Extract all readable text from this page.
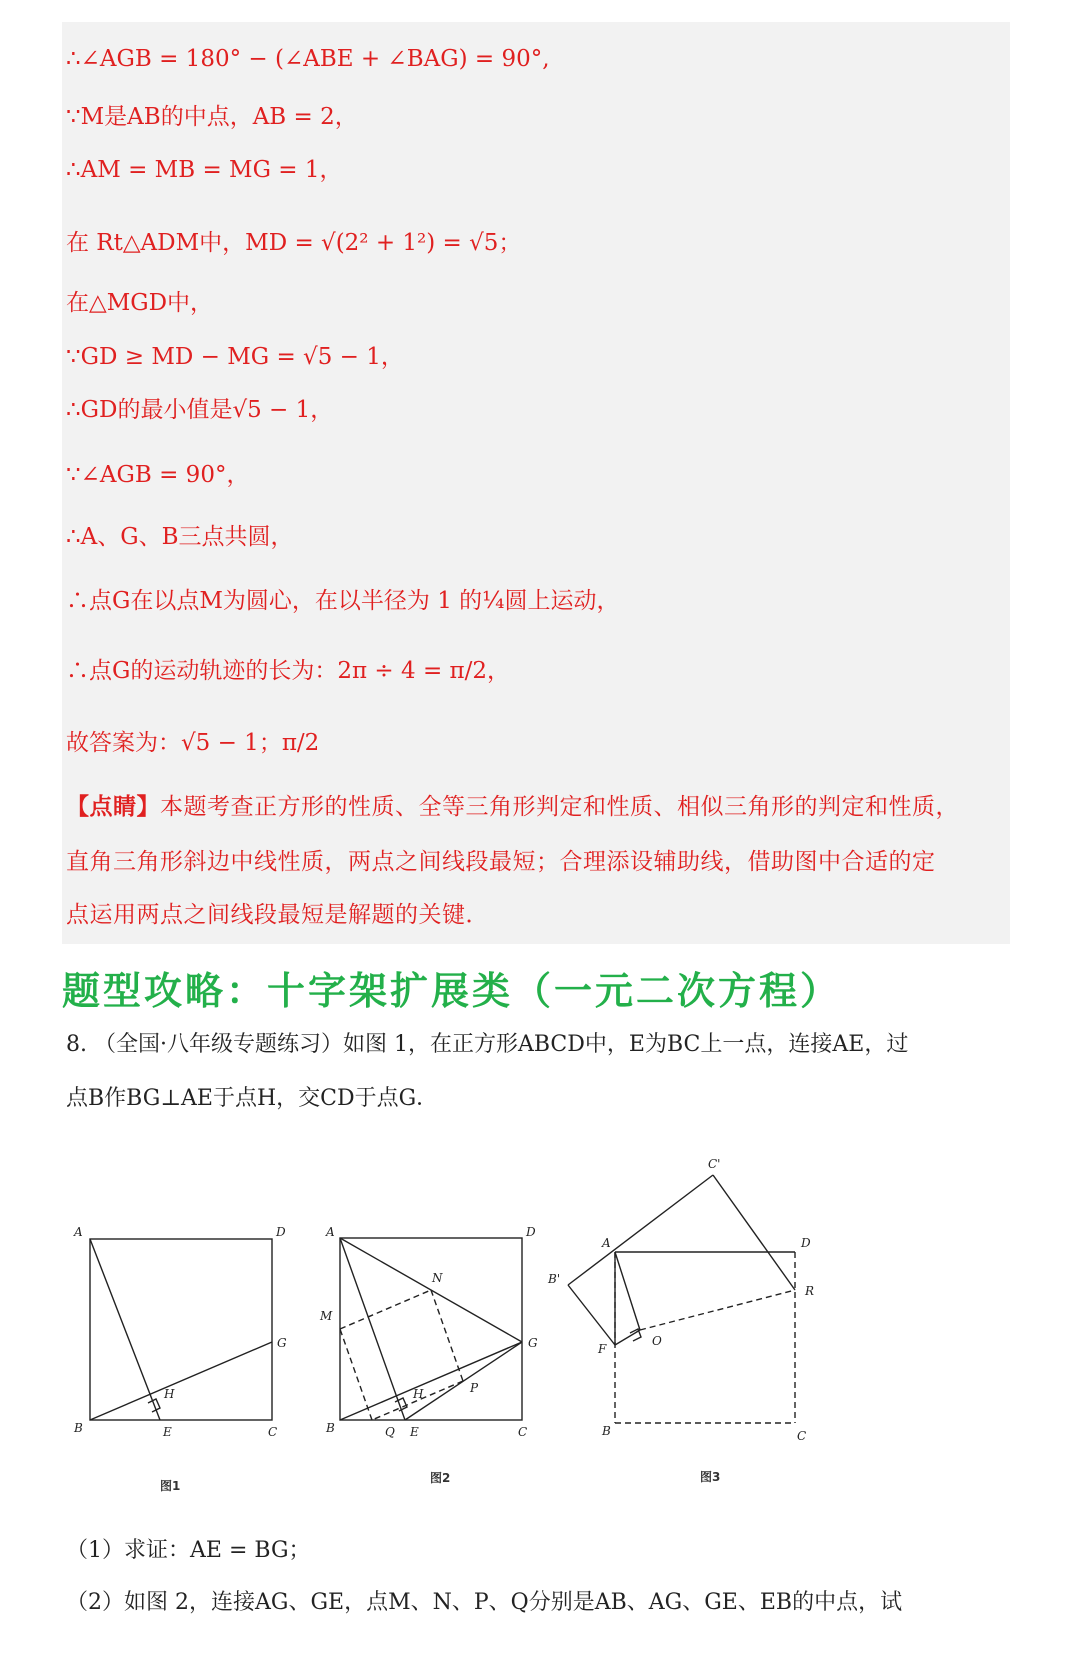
∴∠AGB = 180° − (∠ABE + ∠BAG) = 90°,
∵M是AB的中点，AB = 2，
∴AM = MB = MG = 1，
在 Rt△ADM中，MD = √(2² + 1²) = √5；
在△MGD中，
∵GD ≥ MD − MG = √5 − 1，
∴GD的最小值是√5 − 1，
∵∠AGB = 90°，
∴A、G、B三点共圆，
∴点G在以点M为圆心，在以半径为 1 的¼圆上运动，
∴点G的运动轨迹的长为：2π ÷ 4 = π/2，
故答案为：√5 − 1；π/2
【点睛】本题考查正方形的性质、全等三角形判定和性质、相似三角形的判定和性质，
直角三角形斜边中线性质，两点之间线段最短；合理添设辅助线，借助图中合适的定
点运用两点之间线段最短是解题的关键．
题型攻略：十字架扩展类（一元二次方程）
8. （全国·八年级专题练习）如图 1，在正方形ABCD中，E为BC上一点，连接AE，过
点B作BG⊥AE于点H，交CD于点G．
A	D
G
H
B	E	C
A	D
N
M
G
H	P
B	Q E	C
C'
A	D
B'
R
F
O
B	C
图1
图2	图3
（1）求证：AE = BG；
（2）如图 2，连接AG、GE，点M、N、P、Q分别是AB、AG、GE、EB的中点，试
